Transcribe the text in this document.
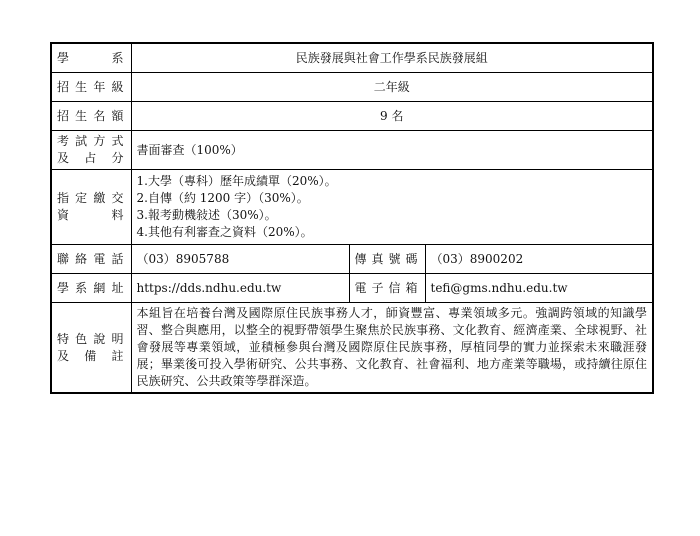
學系	民族發展與社會工作學系民族發展組		
招生年級	二年級		
招生名額	9 名		

考試方式
及占分	書面審查（100%）		

指定繳交
資料	1.大學（專科）歷年成績單（20%）。
2.自傳（約 1200 字）（30%）。
3.報考動機敍述（30%）。
4.其他有利審查之資料（20%）。		

聯絡電話	（03）8905788	傳真號碼	（03）8900202
學系網址	https://dds.ndhu.edu.tw	電子信箱	tefi@gms.ndhu.edu.tw

特色說明
及備註	本組旨在培養台灣及國際原住民族事務人才，師資豐富、專業領域多元。強調跨領域的知識學習、整合與應用，以整全的視野帶領學生聚焦於民族事務、文化教育、經濟產業、全球視野、社會發展等專業領域，並積極參與台灣及國際原住民族事務，厚植同學的實力並探索未來職涯發展；畢業後可投入學術研究、公共事務、文化教育、社會福利、地方產業等職場，或持續往原住民族研究、公共政策等學群深造。		
